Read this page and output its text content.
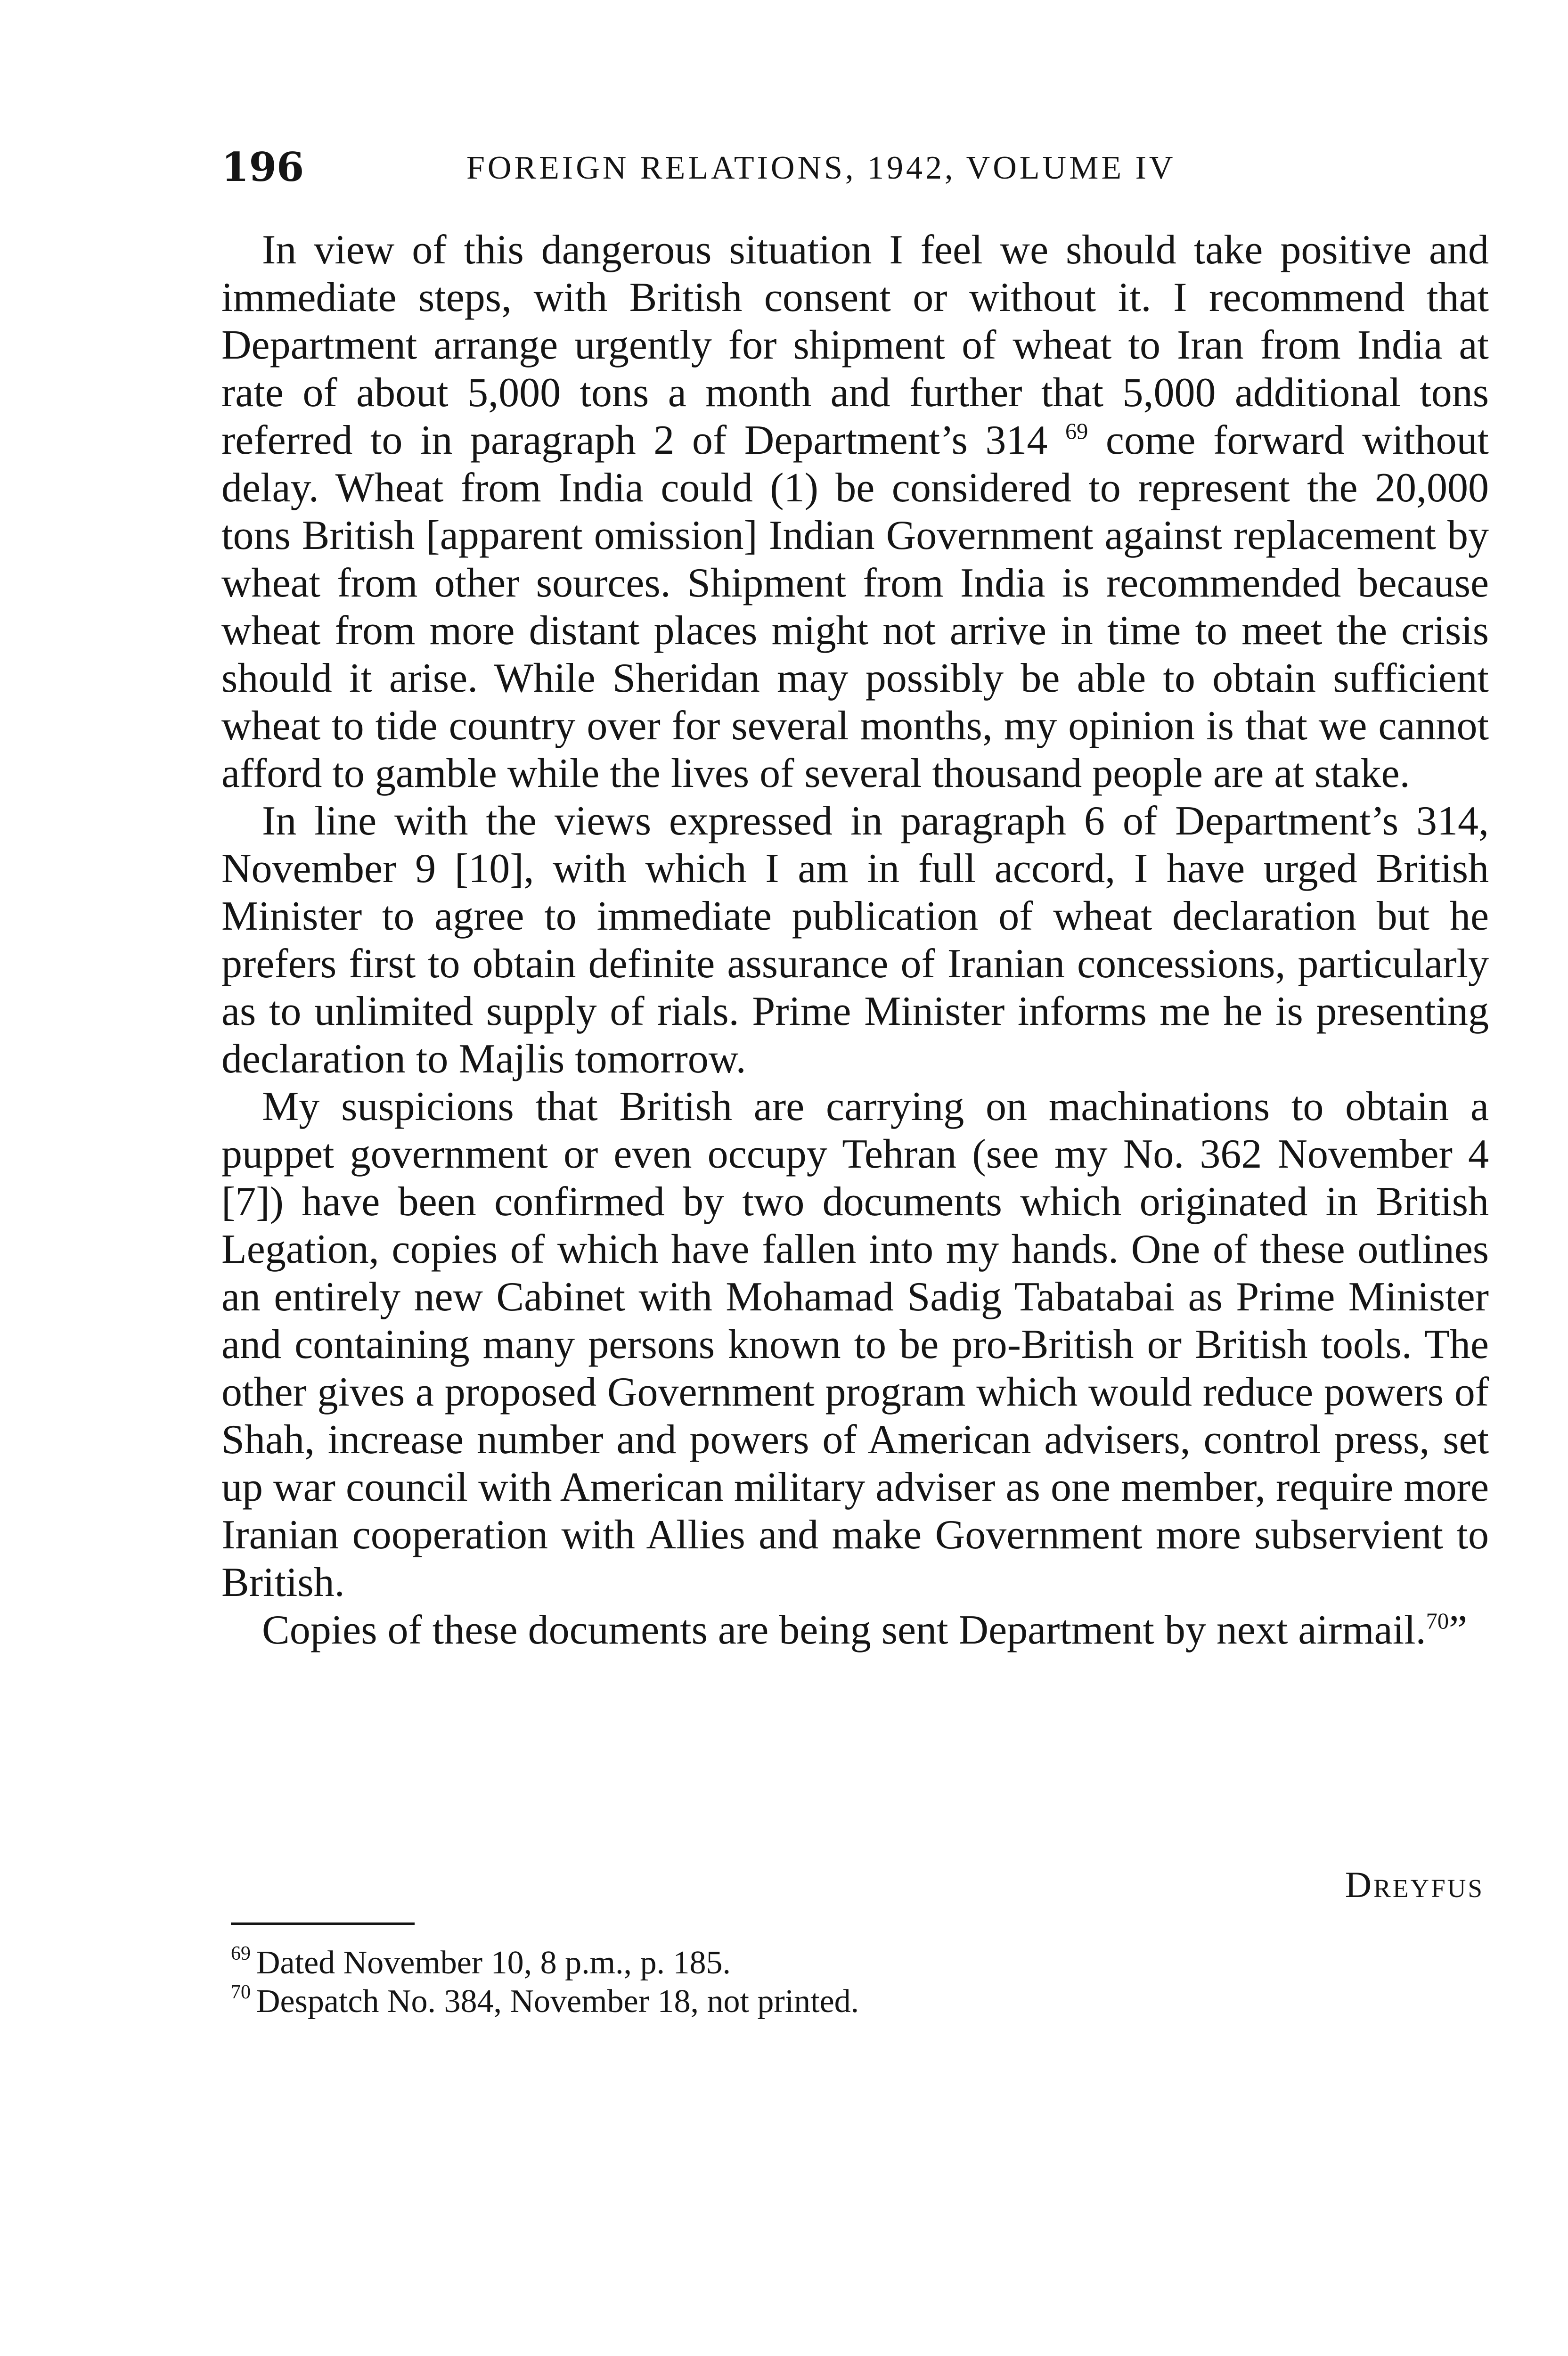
196	FOREIGN RELATIONS, 1942, VOLUME IV

In view of this dangerous situation I feel we should take positive and immediate steps, with British consent or without it. I recommend that Department arrange urgently for shipment of wheat to Iran from India at rate of about 5,000 tons a month and further that 5,000 additional tons referred to in paragraph 2 of Department’s 314 $^{69}$ come forward without delay. Wheat from India could (1) be considered to represent the 20,000 tons British [apparent omission] Indian Government against replacement by wheat from other sources. Shipment from India is recommended because wheat from more distant places might not arrive in time to meet the crisis should it arise. While Sheridan may possibly be able to obtain sufficient wheat to tide country over for several months, my opinion is that we cannot afford to gamble while the lives of several thousand people are at stake.

In line with the views expressed in paragraph 6 of Department’s 314, November 9 [10], with which I am in full accord, I have urged British Minister to agree to immediate publication of wheat declaration but he prefers first to obtain definite assurance of Iranian concessions, particularly as to unlimited supply of rials. Prime Minister informs me he is presenting declaration to Majlis tomorrow.

My suspicions that British are carrying on machinations to obtain a puppet government or even occupy Tehran (see my No. 362 November 4 [7]) have been confirmed by two documents which originated in British Legation, copies of which have fallen into my hands. One of these outlines an entirely new Cabinet with Mohamad Sadig Tabatabai as Prime Minister and containing many persons known to be pro-British or British tools. The other gives a proposed Government program which would reduce powers of Shah, increase number and powers of American advisers, control press, set up war council with American military adviser as one member, require more Iranian cooperation with Allies and make Government more subservient to British.

Copies of these documents are being sent Department by next airmail.$^{70}$”

Dreyfus
$^{69}$ Dated November 10, 8 p.m., p. 185.
$^{70}$ Despatch No. 384, November 18, not printed.
